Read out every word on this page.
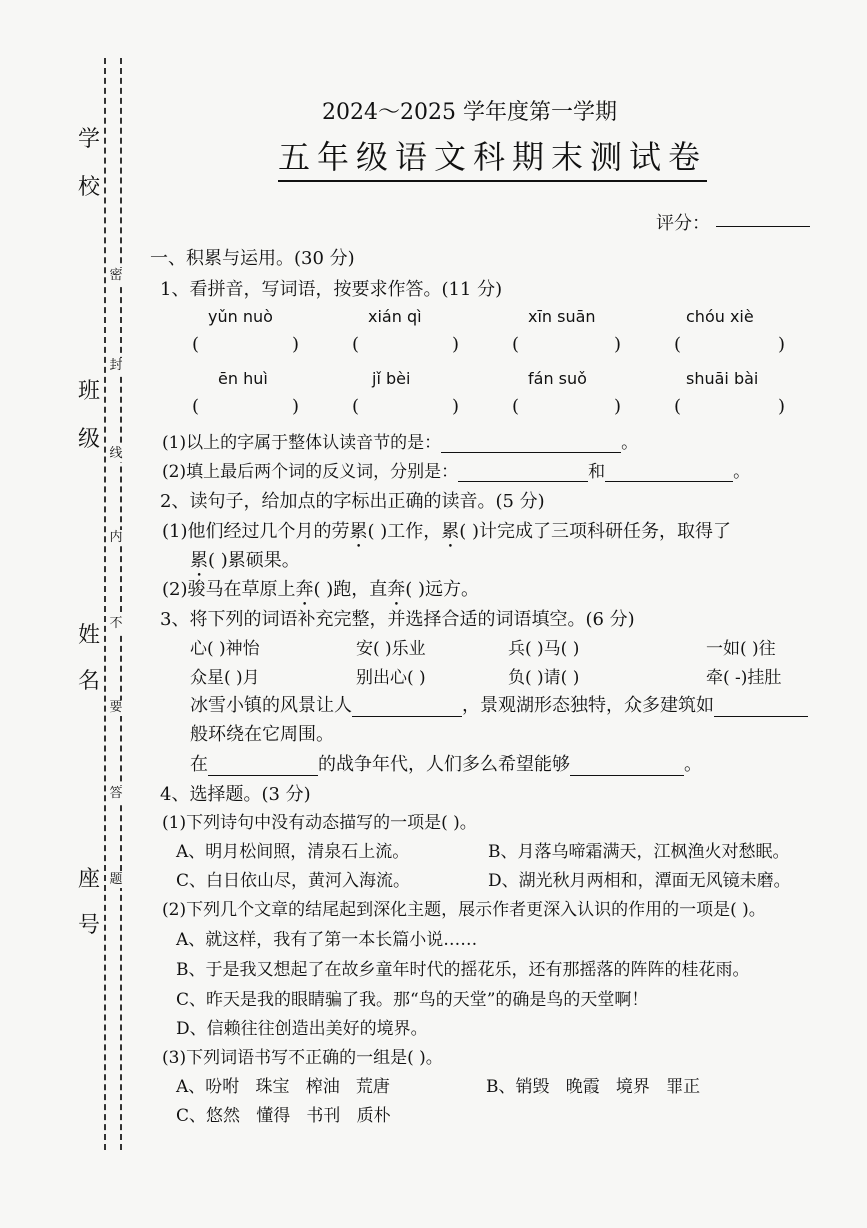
学
校
班
级
姓
名
座
号
密
封
线
内
不
要
答
题
2024～2025 学年度第一学期
五年级语文科期末测试卷
评分：
一、积累与运用。(30 分)
1、看拼音，写词语，按要求作答。(11 分)
yǔn nuò	xián qì	xīn suān	chóu xiè
(	)	(	)	(	)	(	)
ēn huì	jǐ bèi	fán suǒ	shuāi bài
(	)	(	)	(	)	(	)
(1)以上的字属于整体认读音节的是：	。
(2)填上最后两个词的反义词，分别是：	和	。
2、读句子，给加点的字标出正确的读音。(5 分)
(1)他们经过几个月的劳累( )工作，累( )计完成了三项科研任务，取得了
累( )累硕果。
(2)骏马在草原上奔( )跑，直奔( )远方。
3、将下列的词语补充完整，并选择合适的词语填空。(6 分)
心( )神怡	安( )乐业	兵( )马( )	一如( )往
众星( )月	别出心( )	负( )请( )	牵( -)挂肚
冰雪小镇的风景让人	，景观湖形态独特，众多建筑如
般环绕在它周围。
在	的战争年代，人们多么希望能够	。
4、选择题。(3 分)
(1)下列诗句中没有动态描写的一项是( )。
A、明月松间照，清泉石上流。	B、月落乌啼霜满天，江枫渔火对愁眠。
C、白日依山尽，黄河入海流。	D、湖光秋月两相和，潭面无风镜未磨。
(2)下列几个文章的结尾起到深化主题，展示作者更深入认识的作用的一项是( )。
A、就这样，我有了第一本长篇小说……
B、于是我又想起了在故乡童年时代的摇花乐，还有那摇落的阵阵的桂花雨。
C、昨天是我的眼睛骗了我。那“鸟的天堂”的确是鸟的天堂啊！
D、信赖往往创造出美好的境界。
(3)下列词语书写不正确的一组是( )。
A、吩咐   珠宝   榨油   荒唐	B、销毁   晚霞   境界   罪正
C、悠然   懂得   书刊   质朴
